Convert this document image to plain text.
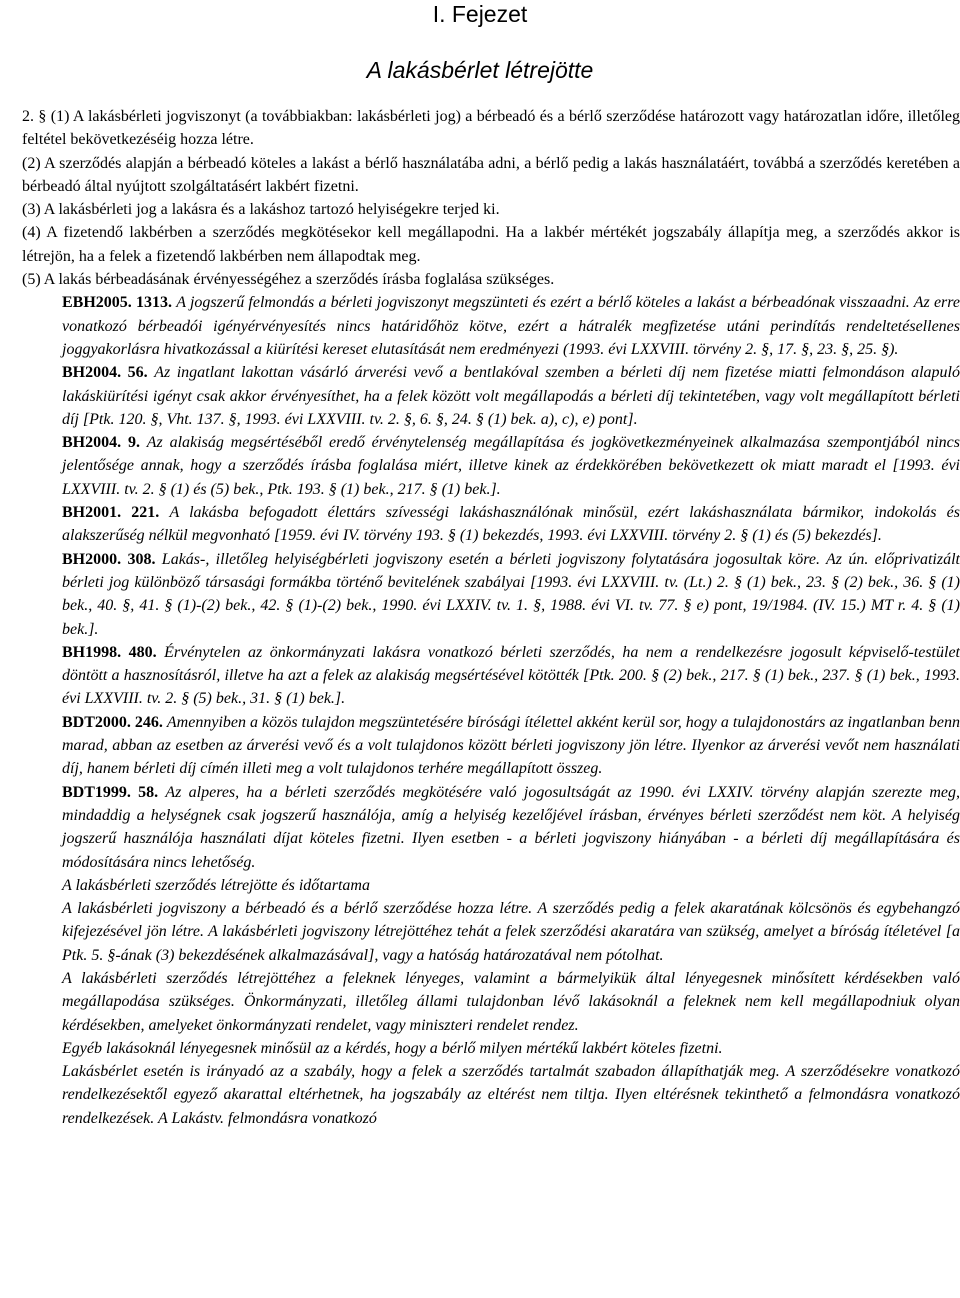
I. Fejezet
A lakásbérlet létrejötte

2. § (1) A lakásbérleti jogviszonyt (a továbbiakban: lakásbérleti jog) a bérbeadó és a bérlő szerződése határozott vagy határozatlan időre, illetőleg feltétel bekövetkezéséig hozza létre.

(2) A szerződés alapján a bérbeadó köteles a lakást a bérlő használatába adni, a bérlő pedig a lakás használatáért, továbbá a szerződés keretében a bérbeadó által nyújtott szolgáltatásért lakbért fizetni.

(3) A lakásbérleti jog a lakásra és a lakáshoz tartozó helyiségekre terjed ki.

(4) A fizetendő lakbérben a szerződés megkötésekor kell megállapodni. Ha a lakbér mértékét jogszabály állapítja meg, a szerződés akkor is létrejön, ha a felek a fizetendő lakbérben nem állapodtak meg.

(5) A lakás bérbeadásának érvényességéhez a szerződés írásba foglalása szükséges.

EBH2005. 1313. A jogszerű felmondás a bérleti jogviszonyt megszünteti és ezért a bérlő köteles a lakást a bérbeadónak visszaadni. Az erre vonatkozó bérbeadói igényérvényesítés nincs határidőhöz kötve, ezért a hátralék megfizetése utáni perindítás rendeltetésellenes joggyakorlásra hivatkozással a kiürítési kereset elutasítását nem eredményezi (1993. évi LXXVIII. törvény 2. §, 17. §, 23. §, 25. §).

BH2004. 56. Az ingatlant lakottan vásárló árverési vevő a bentlakóval szemben a bérleti díj nem fizetése miatti felmondáson alapuló lakáskiürítési igényt csak akkor érvényesíthet, ha a felek között volt megállapodás a bérleti díj tekintetében, vagy volt megállapított bérleti díj [Ptk. 120. §, Vht. 137. §, 1993. évi LXXVIII. tv. 2. §, 6. §, 24. § (1) bek. a), c), e) pont].

BH2004. 9. Az alakiság megsértéséből eredő érvénytelenség megállapítása és jogkövetkezményeinek alkalmazása szempontjából nincs jelentősége annak, hogy a szerződés írásba foglalása miért, illetve kinek az érdekkörében bekövetkezett ok miatt maradt el [1993. évi LXXVIII. tv. 2. § (1) és (5) bek., Ptk. 193. § (1) bek., 217. § (1) bek.].

BH2001. 221. A lakásba befogadott élettárs szívességi lakáshasználónak minősül, ezért lakáshasználata bármikor, indokolás és alakszerűség nélkül megvonható [1959. évi IV. törvény 193. § (1) bekezdés, 1993. évi LXXVIII. törvény 2. § (1) és (5) bekezdés].

BH2000. 308. Lakás-, illetőleg helyiségbérleti jogviszony esetén a bérleti jogviszony folytatására jogosultak köre. Az ún. előprivatizált bérleti jog különböző társasági formákba történő bevitelének szabályai [1993. évi LXXVIII. tv. (Lt.) 2. § (1) bek., 23. § (2) bek., 36. § (1) bek., 40. §, 41. § (1)-(2) bek., 42. § (1)-(2) bek., 1990. évi LXXIV. tv. 1. §, 1988. évi VI. tv. 77. § e) pont, 19/1984. (IV. 15.) MT r. 4. § (1) bek.].

BH1998. 480. Érvénytelen az önkormányzati lakásra vonatkozó bérleti szerződés, ha nem a rendelkezésre jogosult képviselő-testület döntött a hasznosításról, illetve ha azt a felek az alakiság megsértésével kötötték [Ptk. 200. § (2) bek., 217. § (1) bek., 237. § (1) bek., 1993. évi LXXVIII. tv. 2. § (5) bek., 31. § (1) bek.].

BDT2000. 246. Amennyiben a közös tulajdon megszüntetésére bírósági ítélettel akként kerül sor, hogy a tulajdonostárs az ingatlanban benn marad, abban az esetben az árverési vevő és a volt tulajdonos között bérleti jogviszony jön létre. Ilyenkor az árverési vevőt nem használati díj, hanem bérleti díj címén illeti meg a volt tulajdonos terhére megállapított összeg.

BDT1999. 58. Az alperes, ha a bérleti szerződés megkötésére való jogosultságát az 1990. évi LXXIV. törvény alapján szerezte meg, mindaddig a helységnek csak jogszerű használója, amíg a helyiség kezelőjével írásban, érvényes bérleti szerződést nem köt. A helyiség jogszerű használója használati díjat köteles fizetni. Ilyen esetben - a bérleti jogviszony hiányában - a bérleti díj megállapítására és módosítására nincs lehetőség.

A lakásbérleti szerződés létrejötte és időtartama

A lakásbérleti jogviszony a bérbeadó és a bérlő szerződése hozza létre. A szerződés pedig a felek akaratának kölcsönös és egybehangzó kifejezésével jön létre. A lakásbérleti jogviszony létrejöttéhez tehát a felek szerződési akaratára van szükség, amelyet a bíróság ítéletével [a Ptk. 5. §-ának (3) bekezdésének alkalmazásával], vagy a hatóság határozatával nem pótolhat.

A lakásbérleti szerződés létrejöttéhez a feleknek lényeges, valamint a bármelyikük által lényegesnek minősített kérdésekben való megállapodása szükséges. Önkormányzati, illetőleg állami tulajdonban lévő lakásoknál a feleknek nem kell megállapodniuk olyan kérdésekben, amelyeket önkormányzati rendelet, vagy miniszteri rendelet rendez.

Egyéb lakásoknál lényegesnek minősül az a kérdés, hogy a bérlő milyen mértékű lakbért köteles fizetni.

Lakásbérlet esetén is irányadó az a szabály, hogy a felek a szerződés tartalmát szabadon állapíthatják meg. A szerződésekre vonatkozó rendelkezésektől egyező akarattal eltérhetnek, ha jogszabály az eltérést nem tiltja. Ilyen eltérésnek tekinthető a felmondásra vonatkozó rendelkezések. A Lakástv. felmondásra vonatkozó
